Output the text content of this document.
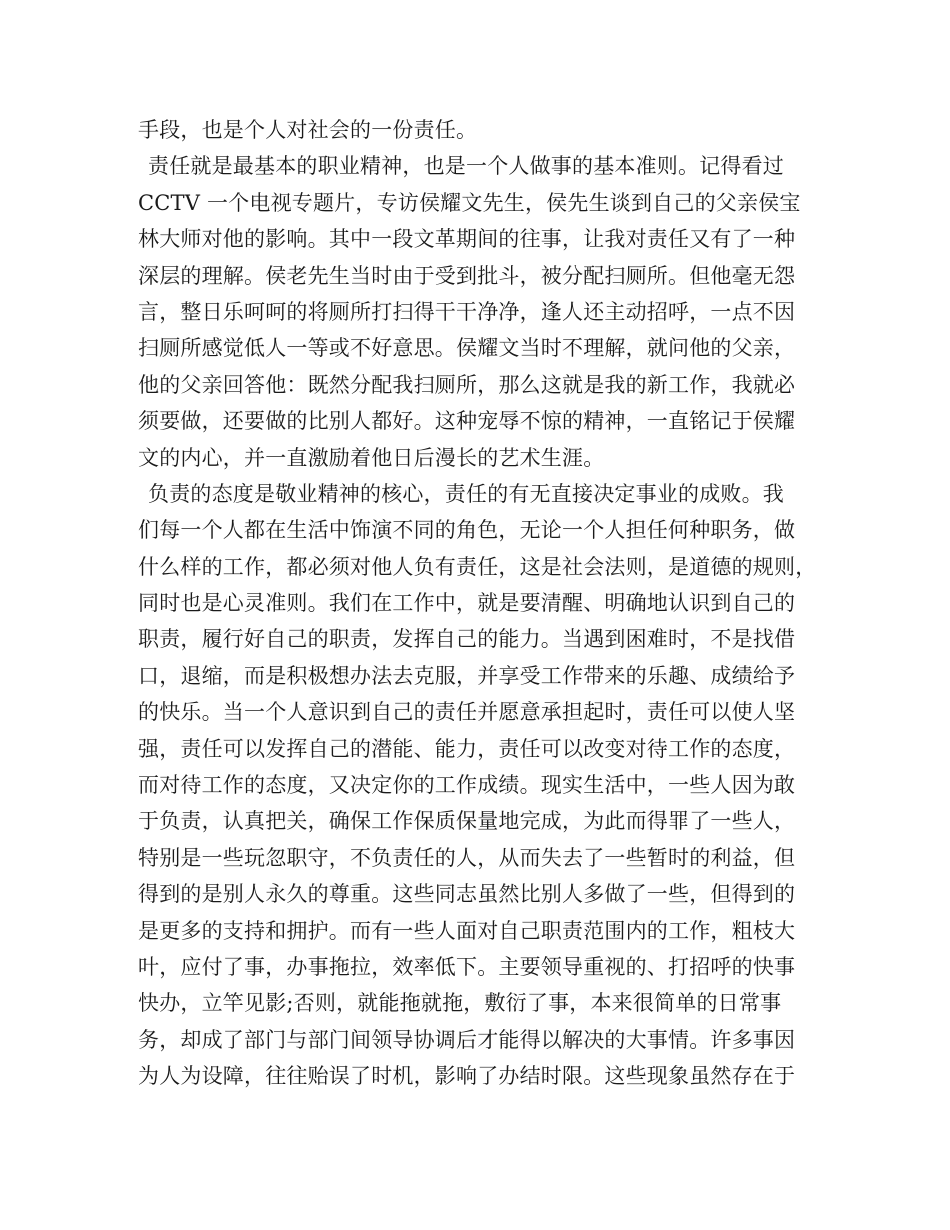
手段，也是个人对社会的一份责任。
责任就是最基本的职业精神，也是一个人做事的基本准则。记得看过
CCTV 一个电视专题片，专访侯耀文先生，侯先生谈到自己的父亲侯宝
林大师对他的影响。其中一段文革期间的往事，让我对责任又有了一种
深层的理解。侯老先生当时由于受到批斗，被分配扫厕所。但他毫无怨
言，整日乐呵呵的将厕所打扫得干干净净，逢人还主动招呼，一点不因
扫厕所感觉低人一等或不好意思。侯耀文当时不理解，就问他的父亲，
他的父亲回答他：既然分配我扫厕所，那么这就是我的新工作，我就必
须要做，还要做的比别人都好。这种宠辱不惊的精神，一直铭记于侯耀
文的内心，并一直激励着他日后漫长的艺术生涯。
负责的态度是敬业精神的核心，责任的有无直接决定事业的成败。我
们每一个人都在生活中饰演不同的角色，无论一个人担任何种职务，做
什么样的工作，都必须对他人负有责任，这是社会法则，是道德的规则，
同时也是心灵准则。我们在工作中，就是要清醒、明确地认识到自己的
职责，履行好自己的职责，发挥自己的能力。当遇到困难时，不是找借
口，退缩，而是积极想办法去克服，并享受工作带来的乐趣、成绩给予
的快乐。当一个人意识到自己的责任并愿意承担起时，责任可以使人坚
强，责任可以发挥自己的潜能、能力，责任可以改变对待工作的态度，
而对待工作的态度，又决定你的工作成绩。现实生活中，一些人因为敢
于负责，认真把关，确保工作保质保量地完成，为此而得罪了一些人，
特别是一些玩忽职守，不负责任的人，从而失去了一些暂时的利益，但
得到的是别人永久的尊重。这些同志虽然比别人多做了一些，但得到的
是更多的支持和拥护。而有一些人面对自己职责范围内的工作，粗枝大
叶，应付了事，办事拖拉，效率低下。主要领导重视的、打招呼的快事
快办，立竿见影;否则，就能拖就拖，敷衍了事，本来很简单的日常事
务，却成了部门与部门间领导协调后才能得以解决的大事情。许多事因
为人为设障，往往贻误了时机，影响了办结时限。这些现象虽然存在于
